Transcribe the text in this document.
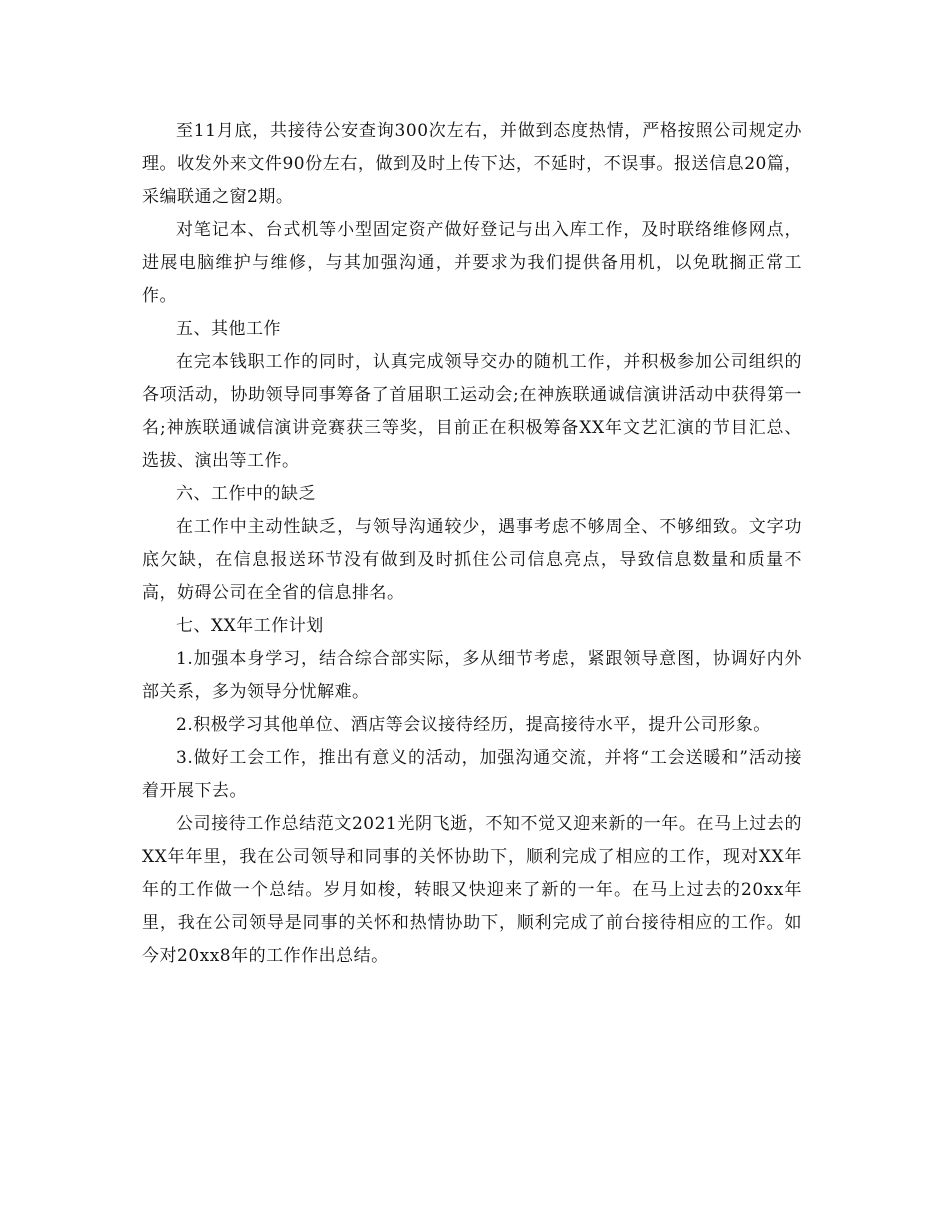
至11月底，共接待公安查询300次左右，并做到态度热情，严格按照公司规定办理。收发外来文件90份左右，做到及时上传下达，不延时，不误事。报送信息20篇，采编联通之窗2期。

对笔记本、台式机等小型固定资产做好登记与出入库工作，及时联络维修网点，进展电脑维护与维修，与其加强沟通，并要求为我们提供备用机，以免耽搁正常工作。

五、其他工作

在完本钱职工作的同时，认真完成领导交办的随机工作，并积极参加公司组织的各项活动，协助领导同事筹备了首届职工运动会;在神族联通诚信演讲活动中获得第一名;神族联通诚信演讲竞赛获三等奖，目前正在积极筹备XX年文艺汇演的节目汇总、选拔、演出等工作。

六、工作中的缺乏

在工作中主动性缺乏，与领导沟通较少，遇事考虑不够周全、不够细致。文字功底欠缺，在信息报送环节没有做到及时抓住公司信息亮点，导致信息数量和质量不高，妨碍公司在全省的信息排名。

七、XX年工作计划

1.加强本身学习，结合综合部实际，多从细节考虑，紧跟领导意图，协调好内外部关系，多为领导分忧解难。

2.积极学习其他单位、酒店等会议接待经历，提高接待水平，提升公司形象。

3.做好工会工作，推出有意义的活动，加强沟通交流，并将“工会送暖和”活动接着开展下去。

公司接待工作总结范文2021光阴飞逝，不知不觉又迎来新的一年。在马上过去的XX年年里，我在公司领导和同事的关怀协助下，顺利完成了相应的工作，现对XX年年的工作做一个总结。岁月如梭，转眼又快迎来了新的一年。在马上过去的20xx年里，我在公司领导是同事的关怀和热情协助下，顺利完成了前台接待相应的工作。如今对20xx8年的工作作出总结。
